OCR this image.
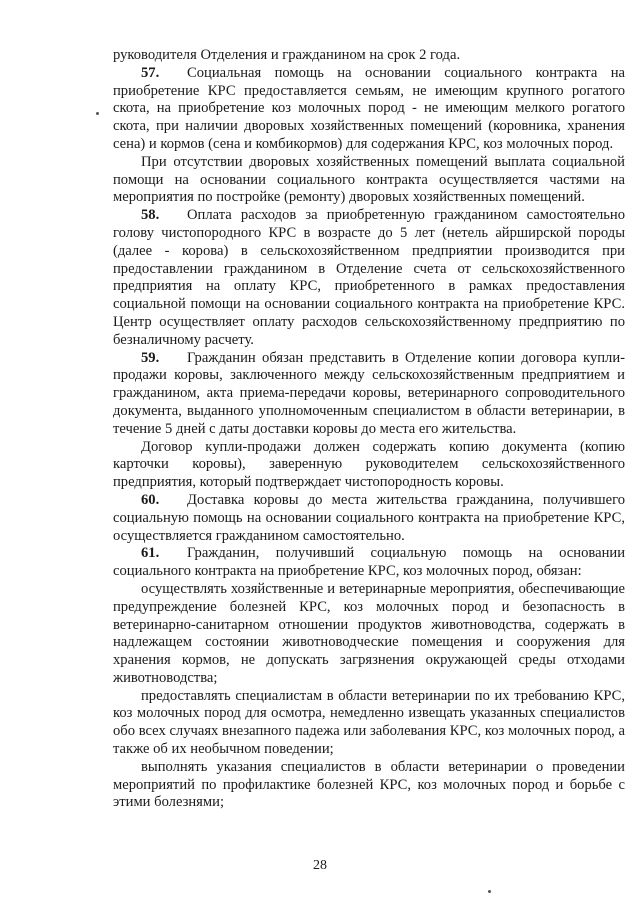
руководителя Отделения и гражданином на срок 2 года.

57. Социальная помощь на основании социального контракта на приобретение КРС предоставляется семьям, не имеющим крупного рогатого скота, на приобретение коз молочных пород - не имеющим мелкого рогатого скота, при наличии дворовых хозяйственных помещений (коровника, хранения сена) и кормов (сена и комбикормов) для содержания КРС, коз молочных пород.

При отсутствии дворовых хозяйственных помещений выплата социальной помощи на основании социального контракта осуществляется частями на мероприятия по постройке (ремонту) дворовых хозяйственных помещений.

58. Оплата расходов за приобретенную гражданином самостоятельно голову чистопородного КРС в возрасте до 5 лет (нетель айрширской породы (далее - корова) в сельскохозяйственном предприятии производится при предоставлении гражданином в Отделение счета от сельскохозяйственного предприятия на оплату КРС, приобретенного в рамках предоставления социальной помощи на основании социального контракта на приобретение КРС. Центр осуществляет оплату расходов сельскохозяйственному предприятию по безналичному расчету.

59. Гражданин обязан представить в Отделение копии договора купли-продажи коровы, заключенного между сельскохозяйственным предприятием и гражданином, акта приема-передачи коровы, ветеринарного сопроводительного документа, выданного уполномоченным специалистом в области ветеринарии, в течение 5 дней с даты доставки коровы до места его жительства.

Договор купли-продажи должен содержать копию документа (копию карточки коровы), заверенную руководителем сельскохозяйственного предприятия, который подтверждает чистопородность коровы.

60. Доставка коровы до места жительства гражданина, получившего социальную помощь на основании социального контракта на приобретение КРС, осуществляется гражданином самостоятельно.

61. Гражданин, получивший социальную помощь на основании социального контракта на приобретение КРС, коз молочных пород, обязан:

осуществлять хозяйственные и ветеринарные мероприятия, обеспечивающие предупреждение болезней КРС, коз молочных пород и безопасность в ветеринарно-санитарном отношении продуктов животноводства, содержать в надлежащем состоянии животноводческие помещения и сооружения для хранения кормов, не допускать загрязнения окружающей среды отходами животноводства;

предоставлять специалистам в области ветеринарии по их требованию КРС, коз молочных пород для осмотра, немедленно извещать указанных специалистов обо всех случаях внезапного падежа или заболевания КРС, коз молочных пород, а также об их необычном поведении;

выполнять указания специалистов в области ветеринарии о проведении мероприятий по профилактике болезней КРС, коз молочных пород и борьбе с этими болезнями;

28
